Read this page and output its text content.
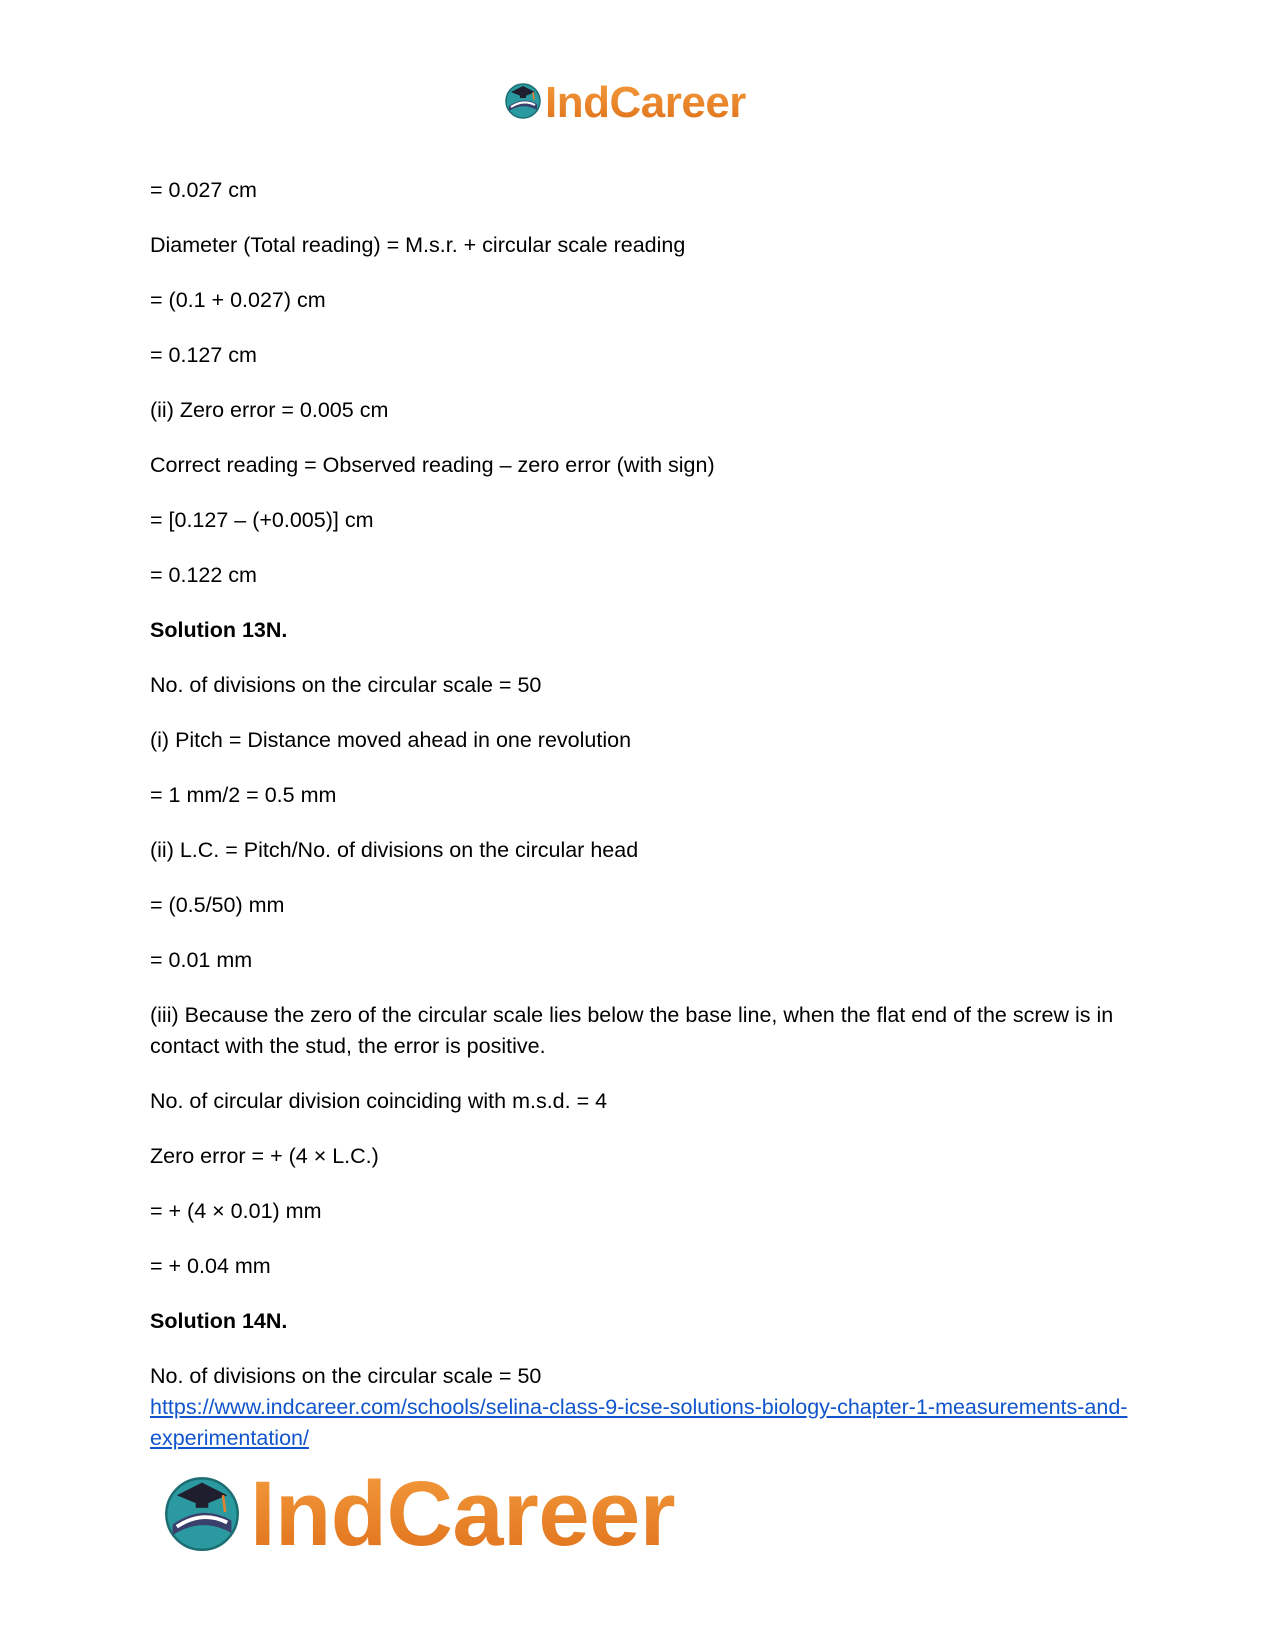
IndCareer

= 0.027 cm

Diameter (Total reading) = M.s.r. + circular scale reading

= (0.1 + 0.027) cm

= 0.127 cm

(ii) Zero error = 0.005 cm

Correct reading = Observed reading – zero error (with sign)

= [0.127 – (+0.005)] cm

= 0.122 cm

Solution 13N.

No. of divisions on the circular scale = 50

(i) Pitch = Distance moved ahead in one revolution

= 1 mm/2 = 0.5 mm

(ii) L.C. = Pitch/No. of divisions on the circular head

= (0.5/50) mm

= 0.01 mm

(iii) Because the zero of the circular scale lies below the base line, when the flat end of the screw is in contact with the stud, the error is positive.

No. of circular division coinciding with m.s.d. = 4

Zero error = + (4 × L.C.)

= + (4 × 0.01) mm

= + 0.04 mm

Solution 14N.

No. of divisions on the circular scale = 50

https://www.indcareer.com/schools/selina-class-9-icse-solutions-biology-chapter-1-measurements-and-experimentation/
IndCareer
